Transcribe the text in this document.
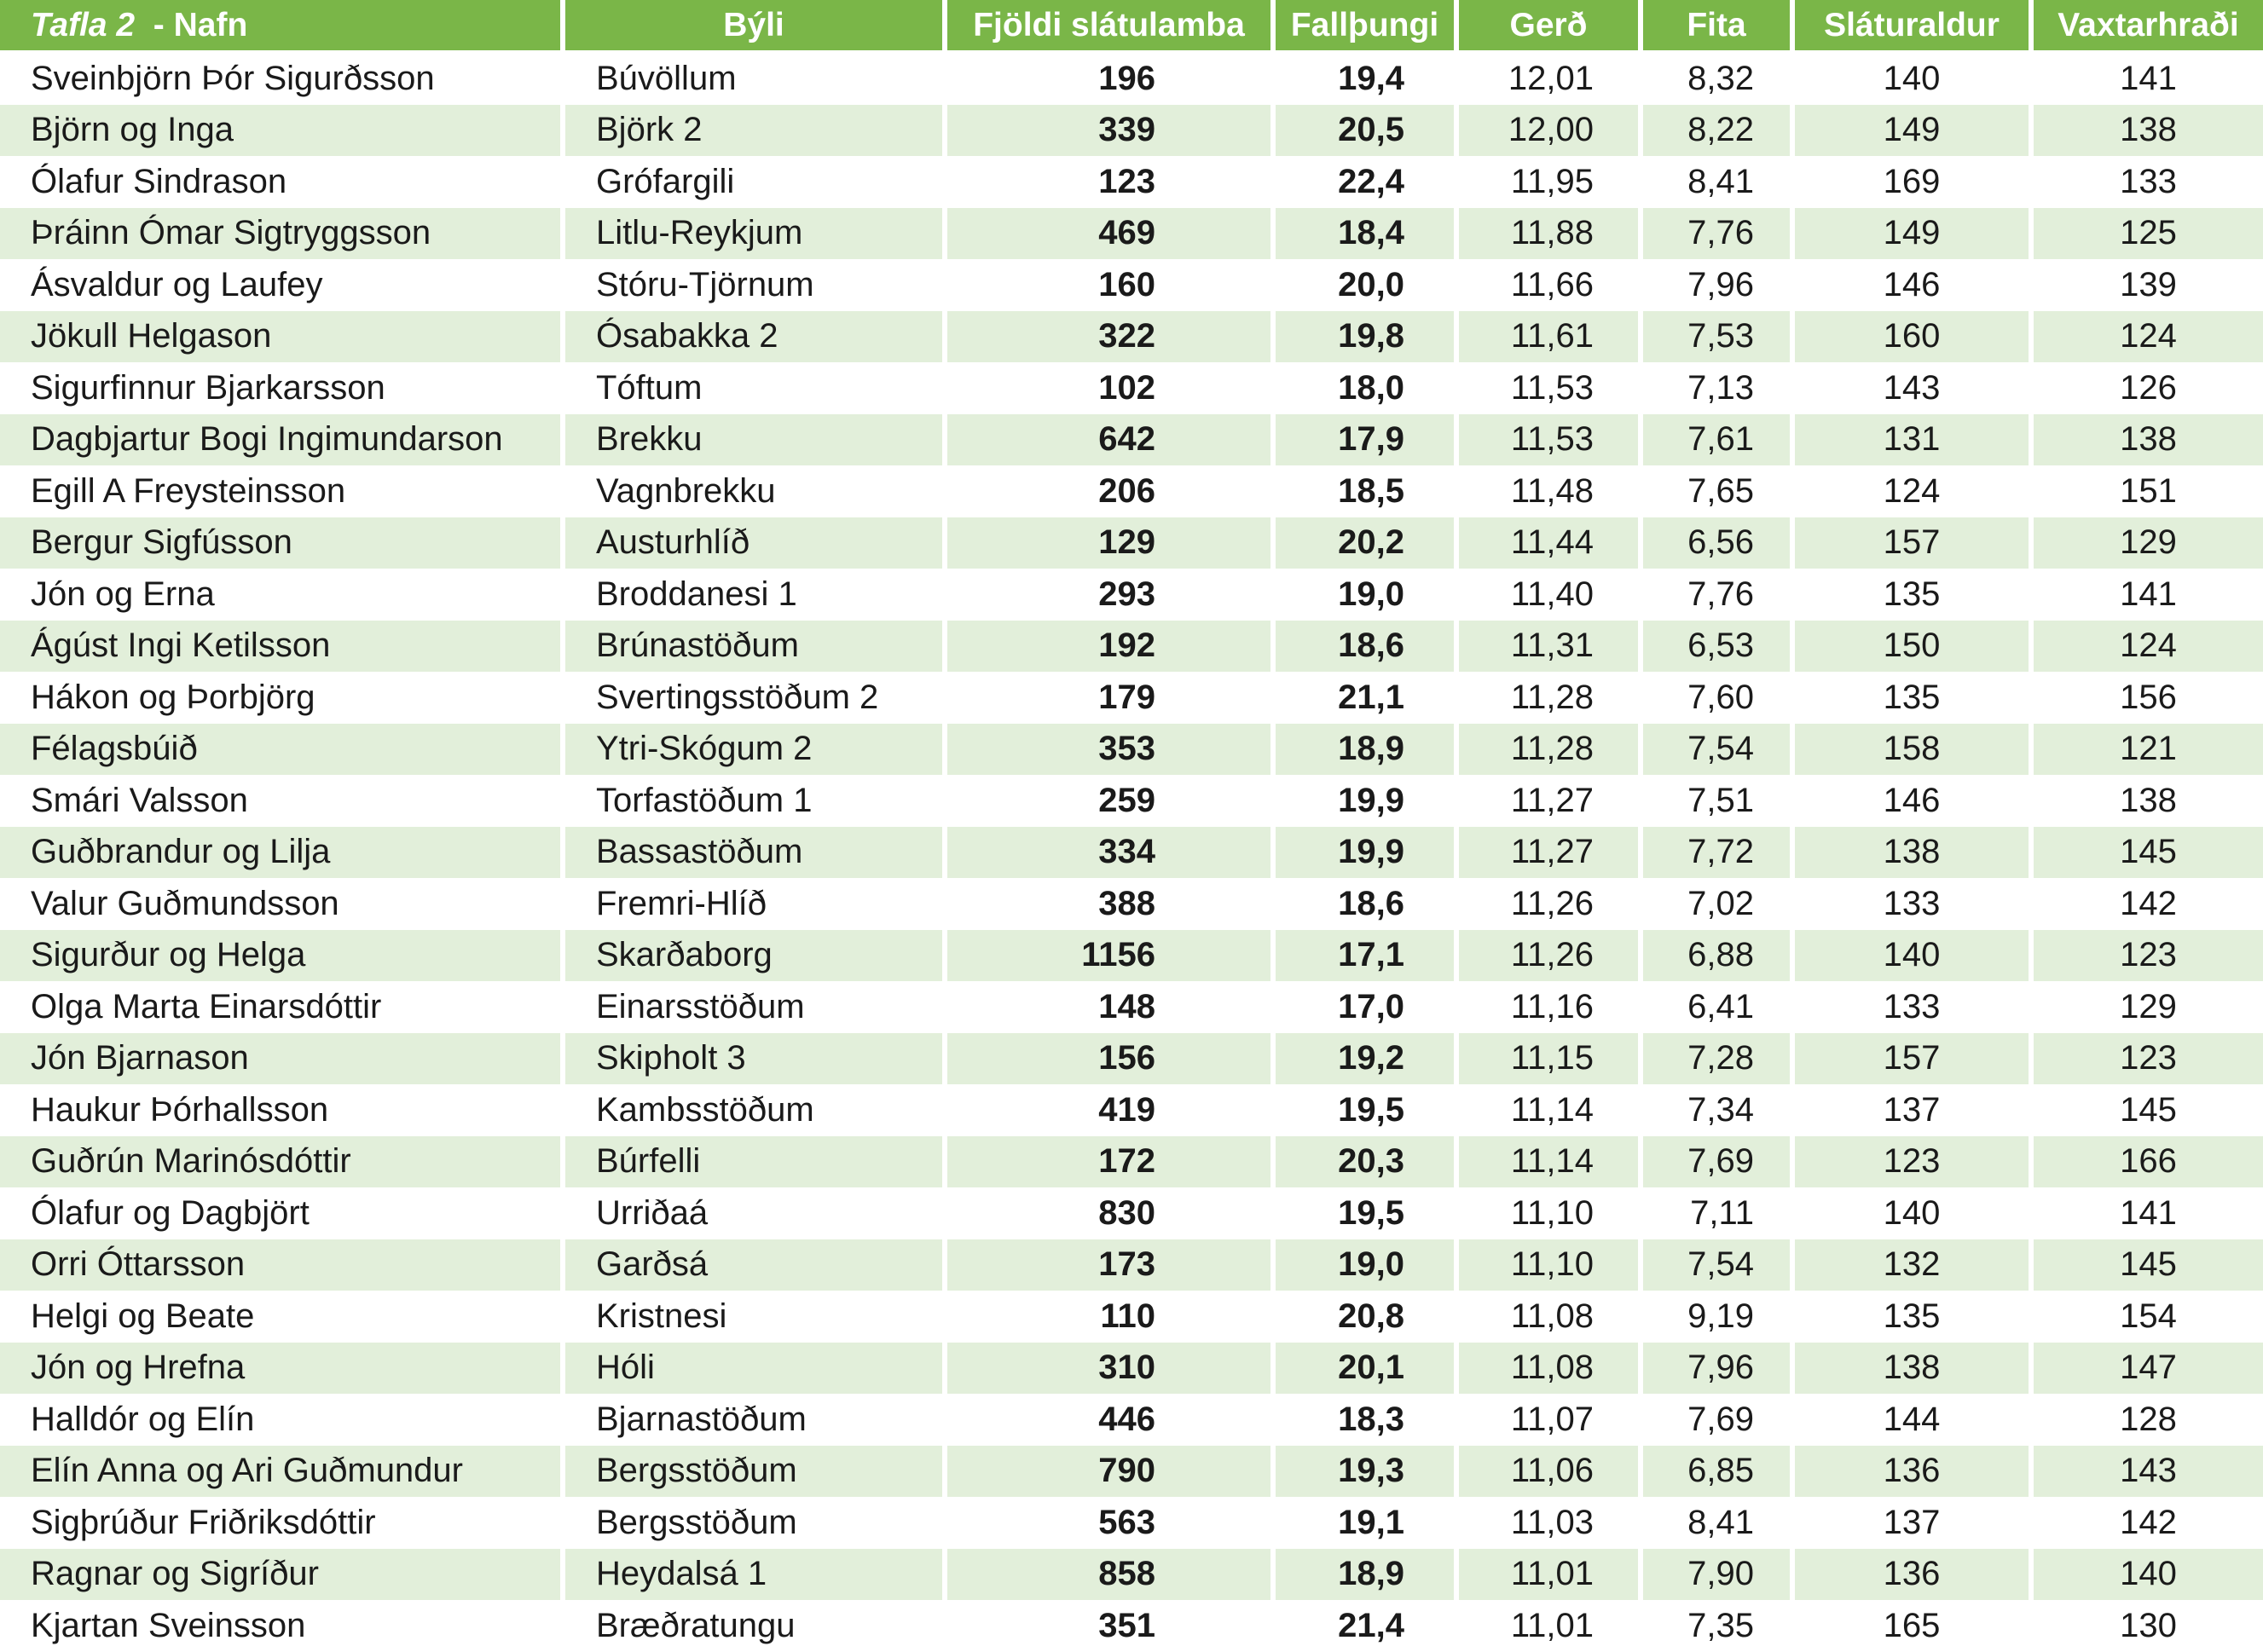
Tafla 2  - Nafn	Býli	Fjöldi slátulamba	Fallþungi	Gerð	Fita	Sláturaldur	Vaxtarhraði
Sveinbjörn Þór Sigurðsson	Búvöllum	196	19,4	12,01	8,32	140	141
Björn og Inga	Björk 2	339	20,5	12,00	8,22	149	138
Ólafur Sindrason	Grófargili	123	22,4	11,95	8,41	169	133
Þráinn Ómar Sigtryggsson	Litlu-Reykjum	469	18,4	11,88	7,76	149	125
Ásvaldur og Laufey	Stóru-Tjörnum	160	20,0	11,66	7,96	146	139
Jökull Helgason	Ósabakka 2	322	19,8	11,61	7,53	160	124
Sigurfinnur Bjarkarsson	Tóftum	102	18,0	11,53	7,13	143	126
Dagbjartur Bogi Ingimundarson	Brekku	642	17,9	11,53	7,61	131	138
Egill A Freysteinsson	Vagnbrekku	206	18,5	11,48	7,65	124	151
Bergur Sigfússon	Austurhlíð	129	20,2	11,44	6,56	157	129
Jón og Erna	Broddanesi 1	293	19,0	11,40	7,76	135	141
Ágúst Ingi Ketilsson	Brúnastöðum	192	18,6	11,31	6,53	150	124
Hákon og Þorbjörg	Svertingsstöðum 2	179	21,1	11,28	7,60	135	156
Félagsbúið	Ytri-Skógum 2	353	18,9	11,28	7,54	158	121
Smári Valsson	Torfastöðum 1	259	19,9	11,27	7,51	146	138
Guðbrandur og Lilja	Bassastöðum	334	19,9	11,27	7,72	138	145
Valur Guðmundsson	Fremri-Hlíð	388	18,6	11,26	7,02	133	142
Sigurður og Helga	Skarðaborg	1156	17,1	11,26	6,88	140	123
Olga Marta Einarsdóttir	Einarsstöðum	148	17,0	11,16	6,41	133	129
Jón Bjarnason	Skipholt 3	156	19,2	11,15	7,28	157	123
Haukur Þórhallsson	Kambsstöðum	419	19,5	11,14	7,34	137	145
Guðrún Marinósdóttir	Búrfelli	172	20,3	11,14	7,69	123	166
Ólafur og Dagbjört	Urriðaá	830	19,5	11,10	7,11	140	141
Orri Óttarsson	Garðsá	173	19,0	11,10	7,54	132	145
Helgi og Beate	Kristnesi	110	20,8	11,08	9,19	135	154
Jón og Hrefna	Hóli	310	20,1	11,08	7,96	138	147
Halldór og Elín	Bjarnastöðum	446	18,3	11,07	7,69	144	128
Elín Anna og Ari Guðmundur	Bergsstöðum	790	19,3	11,06	6,85	136	143
Sigþrúður Friðriksdóttir	Bergsstöðum	563	19,1	11,03	8,41	137	142
Ragnar og Sigríður	Heydalsá 1	858	18,9	11,01	7,90	136	140
Kjartan Sveinsson	Bræðratungu	351	21,4	11,01	7,35	165	130
